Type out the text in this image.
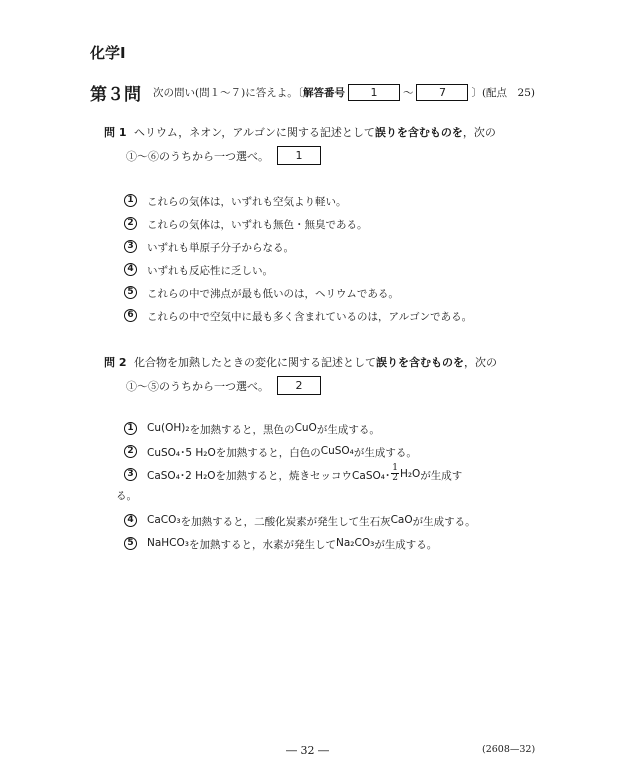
化学Ⅰ
第３問 次の問い(問１～７)に答えよ。〔 解答番号	1	～	7	〕(配点　25)
問 1 ヘリウム，ネオン，アルゴンに関する記述として誤りを含むものを，次の
①～⑥のうちから一つ選べ。	1
1	これらの気体は，いずれも空気より軽い。
2	これらの気体は，いずれも無色・無臭である。
3	いずれも単原子分子からなる。
4	いずれも反応性に乏しい。
5	これらの中で沸点が最も低いのは，ヘリウムである。
6	これらの中で空気中に最も多く含まれているのは，アルゴンである。
問 2 化合物を加熱したときの変化に関する記述として誤りを含むものを，次の
①～⑤のうちから一つ選べ。	2
1	Cu(OH)₂ を加熱すると，黒色の CuO が生成する。
2	CuSO₄･5 H₂O を加熱すると，白色の CuSO₄ が生成する。
3	CaSO₄･2 H₂O を加熱すると，焼きセッコウ CaSO₄･ $\frac{1}{2} H_2O$ が生成す
る。
4	CaCO₃ を加熱すると，二酸化炭素が発生して生石灰 CaO が生成する。
5	NaHCO₃ を加熱すると，水素が発生して Na₂CO₃ が生成する。
― 32 ―	(2608—32)
